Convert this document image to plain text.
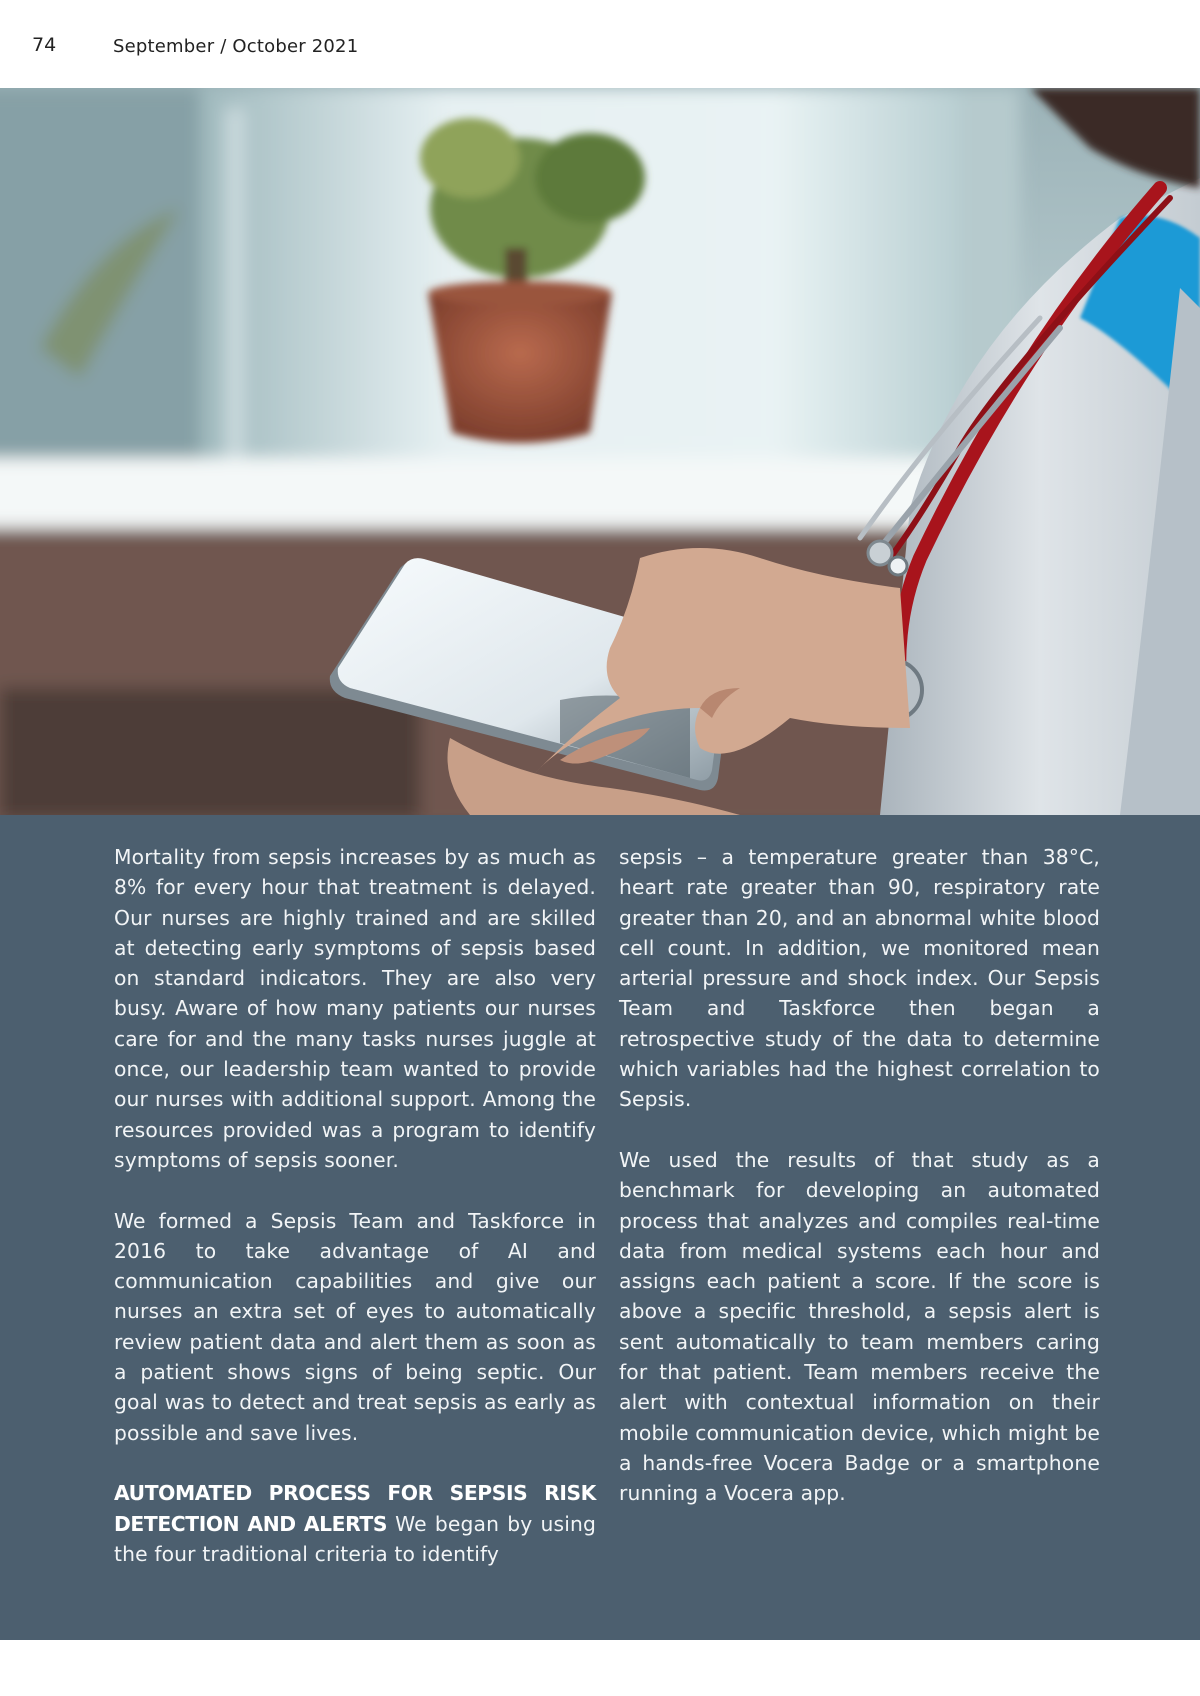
74	September / October 2021

Mortality from sepsis increases by as much as 8% for every hour that treatment is delayed. Our nurses are highly trained and are skilled at detecting early symptoms of sepsis based on standard indicators. They are also very busy. Aware of how many patients our nurses care for and the many tasks nurses juggle at once, our leadership team wanted to provide our nurses with additional support. Among the resources provided was a program to identify symptoms of sepsis sooner.

We formed a Sepsis Team and Taskforce in 2016 to take advantage of AI and communication capabilities and give our nurses an extra set of eyes to automatically review patient data and alert them as soon as a patient shows signs of being septic. Our goal was to detect and treat sepsis as early as possible and save lives.

AUTOMATED PROCESS FOR SEPSIS RISK DETECTION AND ALERTS We began by using the four traditional criteria to identify

sepsis – a temperature greater than 38°C, heart rate greater than 90, respiratory rate greater than 20, and an abnormal white blood cell count. In addition, we monitored mean arterial pressure and shock index. Our Sepsis Team and Taskforce then began a retrospective study of the data to determine which variables had the highest correlation to Sepsis.

We used the results of that study as a benchmark for developing an automated process that analyzes and compiles real-time data from medical systems each hour and assigns each patient a score. If the score is above a specific threshold, a sepsis alert is sent automatically to team members caring for that patient. Team members receive the alert with contextual information on their mobile communication device, which might be a hands-free Vocera Badge or a smartphone running a Vocera app.
